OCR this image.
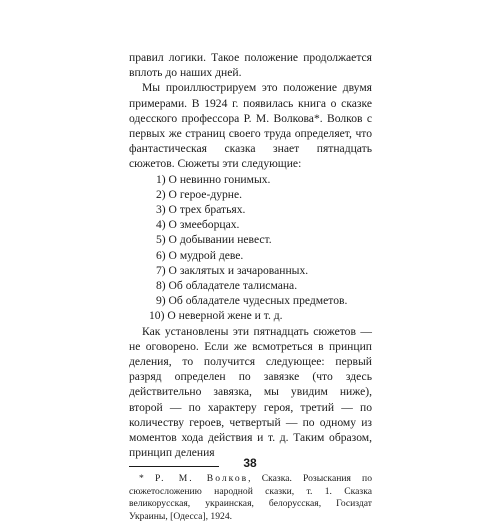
правил логики. Такое положение продолжается вплоть до наших дней.

Мы проиллюстрируем это положение двумя примерами. В 1924 г. появилась книга о сказке одесского профессора Р. М. Волкова*. Волков с первых же страниц своего труда определяет, что фантастическая сказка знает пятнадцать сюжетов. Сюжеты эти следующие:

1) О невинно гонимых.
2) О герое-дурне.
3) О трех братьях.
4) О змееборцах.
5) О добывании невест.
6) О мудрой деве.
7) О заклятых и зачарованных.
8) Об обладателе талисмана.
9) Об обладателе чудесных предметов.
10) О неверной жене и т. д.

Как установлены эти пятнадцать сюжетов — не оговорено. Если же всмотреться в принцип деления, то получится следующее: первый разряд определен по завязке (что здесь действительно завязка, мы увидим ниже), второй — по характеру героя, третий — по количеству героев, четвертый — по одному из моментов хода действия и т. д. Таким образом, принцип деления

* Р. М. Волков, Сказка. Розыскания по сюжетосложению народной сказки, т. 1. Сказка великорусская, украинская, белорусская, Госиздат Украины, [Одесса], 1924.

38
